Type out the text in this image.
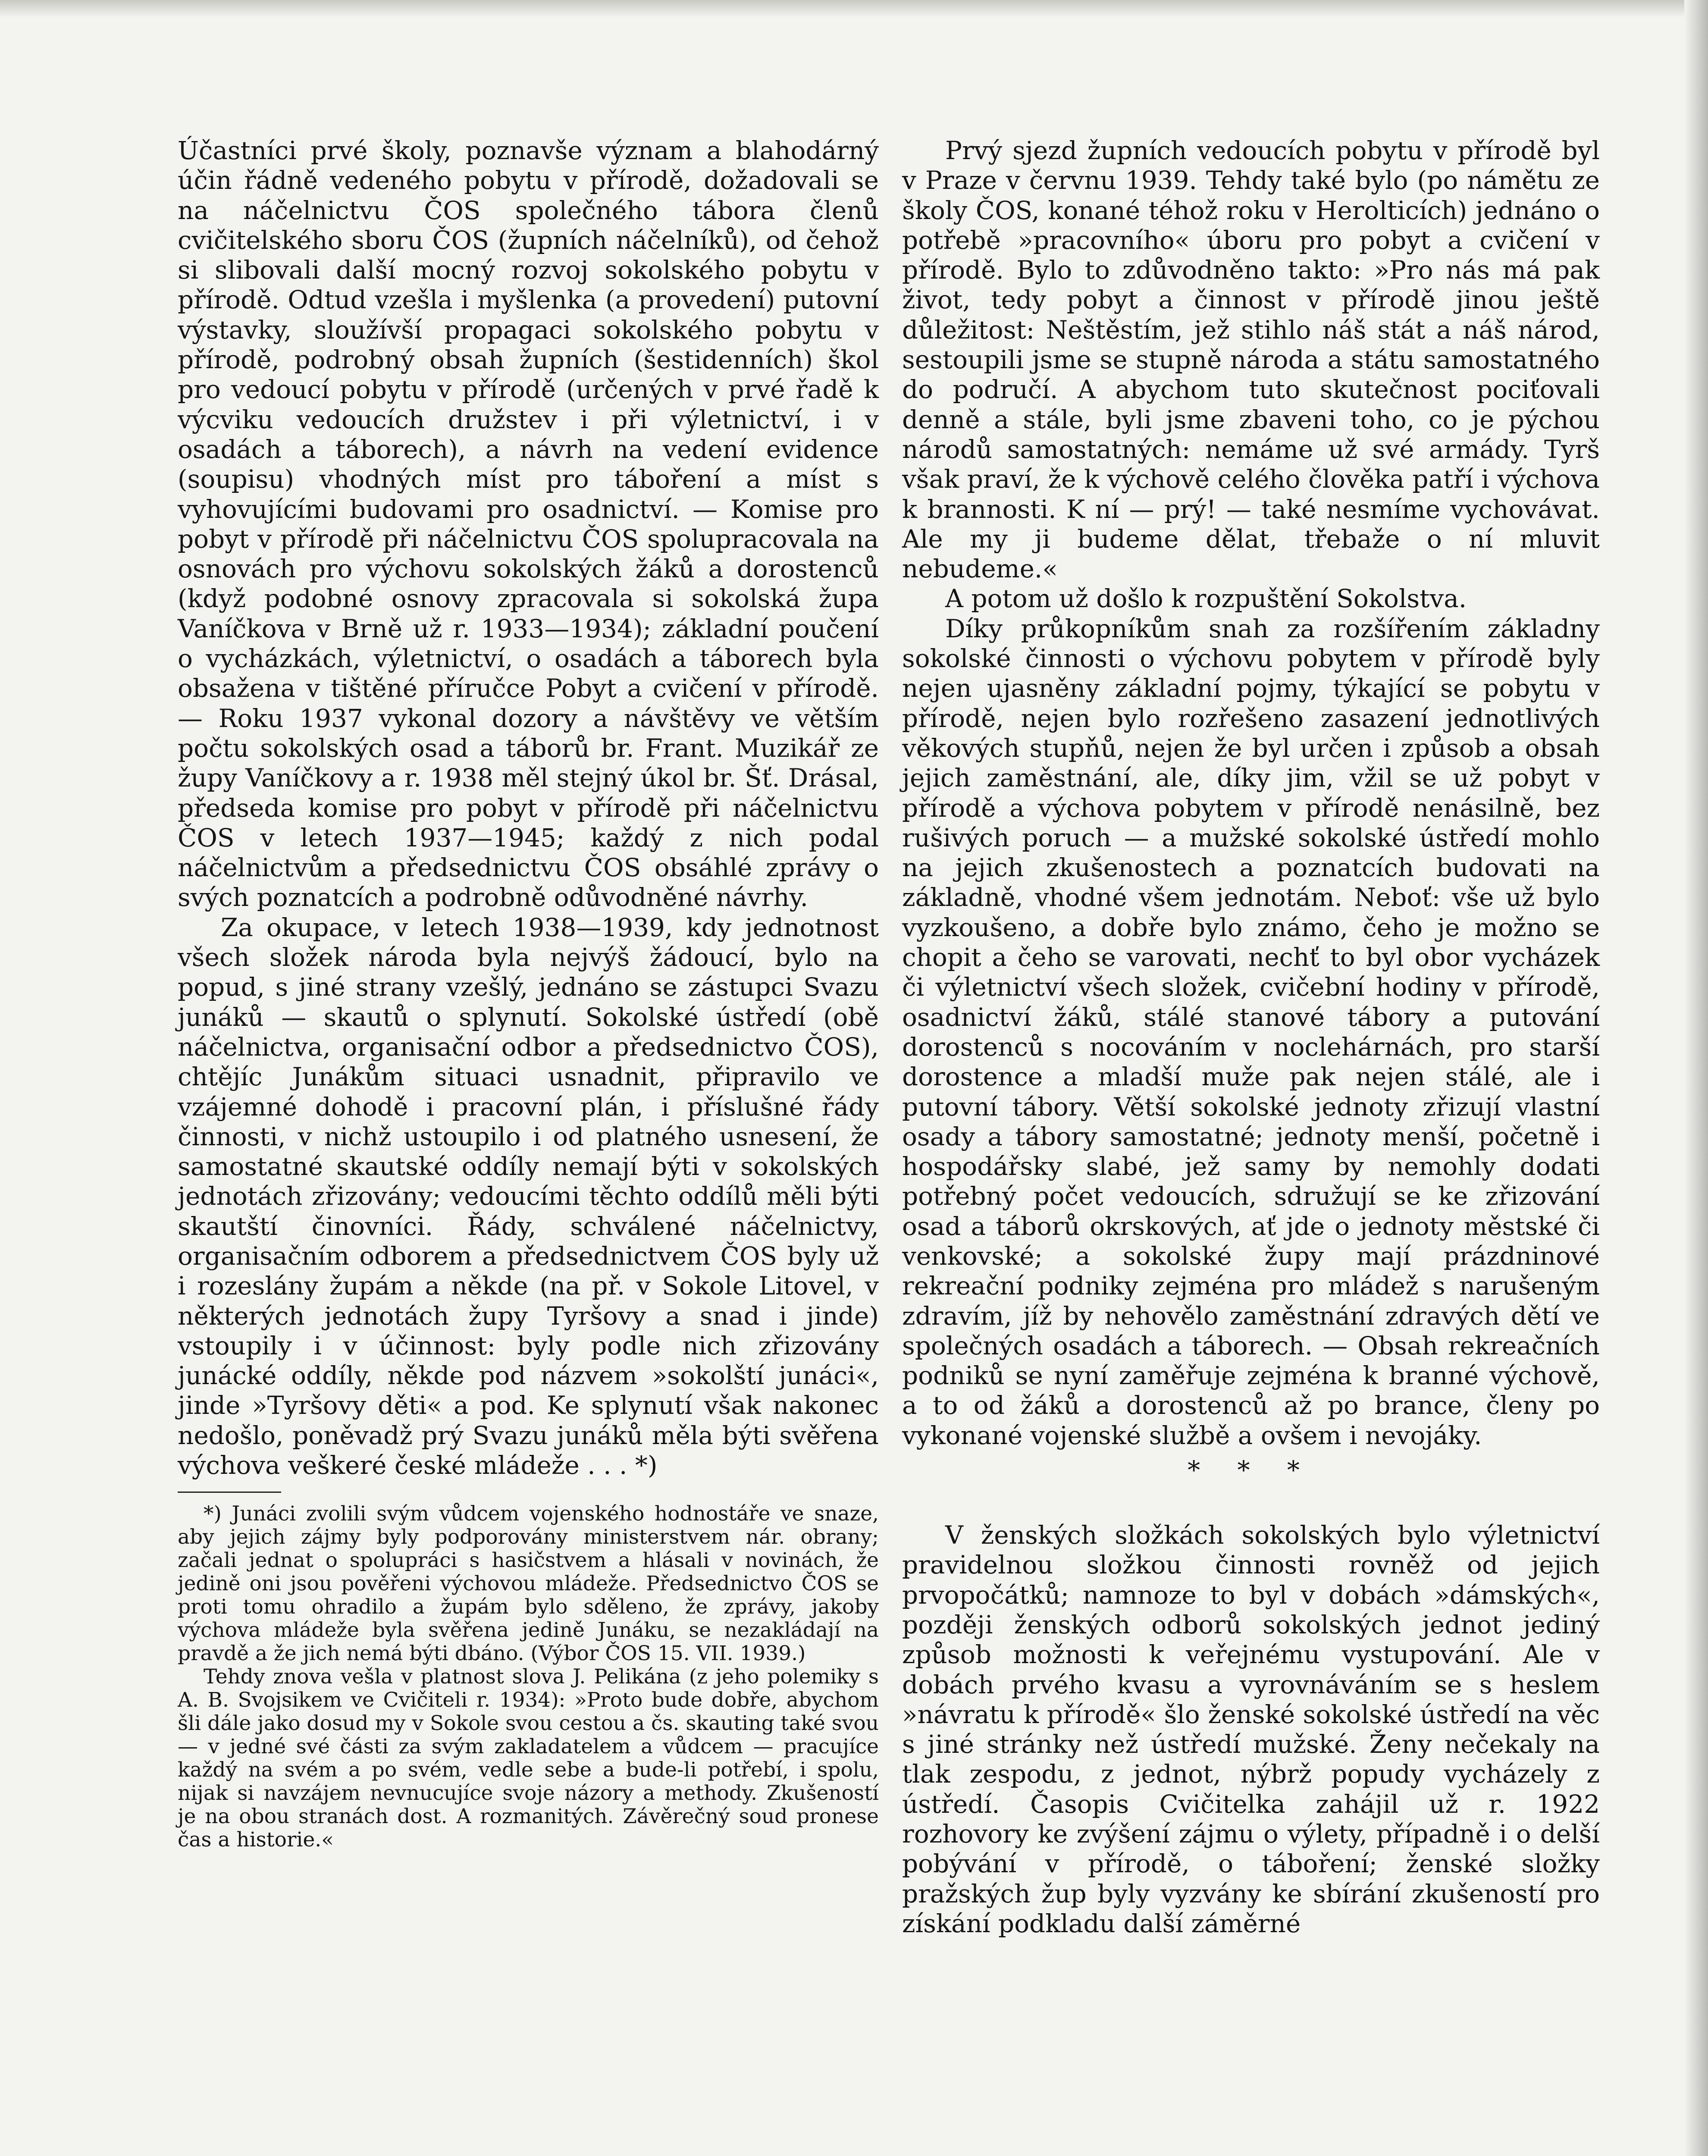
Účastníci prvé školy, poznavše význam a blahodárný účin řádně vedeného pobytu v přírodě, dožadovali se na náčelnictvu ČOS společného tábora členů cvičitelského sboru ČOS (župních náčelníků), od čehož si slibovali další mocný rozvoj sokolského pobytu v přírodě. Odtud vzešla i myšlenka (a provedení) putovní výstavky, sloužívší propagaci sokolského pobytu v přírodě, podrobný obsah župních (šestidenních) škol pro vedoucí pobytu v přírodě (určených v prvé řadě k výcviku vedoucích družstev i při výletnictví, i v osadách a táborech), a návrh na vedení evidence (soupisu) vhodných míst pro táboření a míst s vyhovujícími budovami pro osadnictví. — Komise pro pobyt v přírodě při náčelnictvu ČOS spolupracovala na osnovách pro výchovu sokolských žáků a dorostenců (když podobné osnovy zpracovala si sokolská župa Vaníčkova v Brně už r. 1933—1934); základní poučení o vycházkách, výletnictví, o osadách a táborech byla obsažena v tištěné příručce Pobyt a cvičení v přírodě. — Roku 1937 vykonal dozory a návštěvy ve větším počtu sokolských osad a táborů br. Frant. Muzikář ze župy Vaníčkovy a r. 1938 měl stejný úkol br. Šť. Drásal, předseda komise pro pobyt v přírodě při náčelnictvu ČOS v letech 1937—1945; každý z nich podal náčelnictvům a předsednictvu ČOS obsáhlé zprávy o svých poznatcích a podrobně odůvodněné návrhy.

Za okupace, v letech 1938—1939, kdy jednotnost všech složek národa byla nejvýš žádoucí, bylo na popud, s jiné strany vzešlý, jednáno se zástupci Svazu junáků — skautů o splynutí. Sokolské ústředí (obě náčelnictva, organisační odbor a předsednictvo ČOS), chtějíc Junákům situaci usnadnit, připravilo ve vzájemné dohodě i pracovní plán, i příslušné řády činnosti, v nichž ustoupilo i od platného usnesení, že samostatné skautské oddíly nemají býti v sokolských jednotách zřizovány; vedoucími těchto oddílů měli býti skautští činovníci. Řády, schválené náčelnictvy, organisačním odborem a předsednictvem ČOS byly už i rozeslány župám a někde (na př. v Sokole Litovel, v některých jednotách župy Tyršovy a snad i jinde) vstoupily i v účinnost: byly podle nich zřizovány junácké oddíly, někde pod názvem »sokolští junáci«, jinde »Tyršovy děti« a pod. Ke splynutí však nakonec nedošlo, poněvadž prý Svazu junáků měla býti svěřena výchova veškeré české mládeže . . . *)

*) Junáci zvolili svým vůdcem vojenského hodnostáře ve snaze, aby jejich zájmy byly podporovány ministerstvem nár. obrany; začali jednat o spolupráci s hasičstvem a hlásali v novinách, že jedině oni jsou pověřeni výchovou mládeže. Předsednictvo ČOS se proti tomu ohradilo a župám bylo sděleno, že zprávy, jakoby výchova mládeže byla svěřena jedině Junáku, se nezakládají na pravdě a že jich nemá býti dbáno. (Výbor ČOS 15. VII. 1939.)

Tehdy znova vešla v platnost slova J. Pelikána (z jeho polemiky s A. B. Svojsikem ve Cvičiteli r. 1934): »Proto bude dobře, abychom šli dále jako dosud my v Sokole svou cestou a čs. skauting také svou — v jedné své části za svým zakladatelem a vůdcem — pracujíce každý na svém a po svém, vedle sebe a bude-li potřebí, i spolu, nijak si navzájem nevnucujíce svoje názory a methody. Zkušeností je na obou stranách dost. A rozmanitých. Závěrečný soud pronese čas a historie.«

Prvý sjezd župních vedoucích pobytu v přírodě byl v Praze v červnu 1939. Tehdy také bylo (po námětu ze školy ČOS, konané téhož roku v Herolticích) jednáno o potřebě »pracovního« úboru pro pobyt a cvičení v přírodě. Bylo to zdůvodněno takto: »Pro nás má pak život, tedy pobyt a činnost v přírodě jinou ještě důležitost: Neštěstím, jež stihlo náš stát a náš národ, sestoupili jsme se stupně národa a státu samostatného do područí. A abychom tuto skutečnost pociťovali denně a stále, byli jsme zbaveni toho, co je pýchou národů samostatných: nemáme už své armády. Tyrš však praví, že k výchově celého člověka patří i výchova k brannosti. K ní — prý! — také nesmíme vychovávat. Ale my ji budeme dělat, třebaže o ní mluvit nebudeme.«

A potom už došlo k rozpuštění Sokolstva.

Díky průkopníkům snah za rozšířením základny sokolské činnosti o výchovu pobytem v přírodě byly nejen ujasněny základní pojmy, týkající se pobytu v přírodě, nejen bylo rozřešeno zasazení jednotlivých věkových stupňů, nejen že byl určen i způsob a obsah jejich zaměstnání, ale, díky jim, vžil se už pobyt v přírodě a výchova pobytem v přírodě nenásilně, bez rušivých poruch — a mužské sokolské ústředí mohlo na jejich zkušenostech a poznatcích budovati na základně, vhodné všem jednotám. Neboť: vše už bylo vyzkoušeno, a dobře bylo známo, čeho je možno se chopit a čeho se varovati, nechť to byl obor vycházek či výletnictví všech složek, cvičební hodiny v přírodě, osadnictví žáků, stálé stanové tábory a putování dorostenců s nocováním v noclehárnách, pro starší dorostence a mladší muže pak nejen stálé, ale i putovní tábory. Větší sokolské jednoty zřizují vlastní osady a tábory samostatné; jednoty menší, početně i hospodářsky slabé, jež samy by nemohly dodati potřebný počet vedoucích, sdružují se ke zřizování osad a táborů okrskových, ať jde o jednoty městské či venkovské; a sokolské župy mají prázdninové rekreační podniky zejména pro mládež s narušeným zdravím, jíž by nehovělo zaměstnání zdravých dětí ve společných osadách a táborech. — Obsah rekreačních podniků se nyní zaměřuje zejména k branné výchově, a to od žáků a dorostenců až po brance, členy po vykonané vojenské službě a ovšem i nevojáky.

* * *

V ženských složkách sokolských bylo výletnictví pravidelnou složkou činnosti rovněž od jejich prvopočátků; namnoze to byl v dobách »dámských«, později ženských odborů sokolských jednot jediný způsob možnosti k veřejnému vystupování. Ale v dobách prvého kvasu a vyrovnáváním se s heslem »návratu k přírodě« šlo ženské sokolské ústředí na věc s jiné stránky než ústředí mužské. Ženy nečekaly na tlak zespodu, z jednot, nýbrž popudy vycházely z ústředí. Časopis Cvičitelka zahájil už r. 1922 rozhovory ke zvýšení zájmu o výlety, případně i o delší pobývání v přírodě, o táboření; ženské složky pražských žup byly vyzvány ke sbírání zkušeností pro získání podkladu další záměrné
